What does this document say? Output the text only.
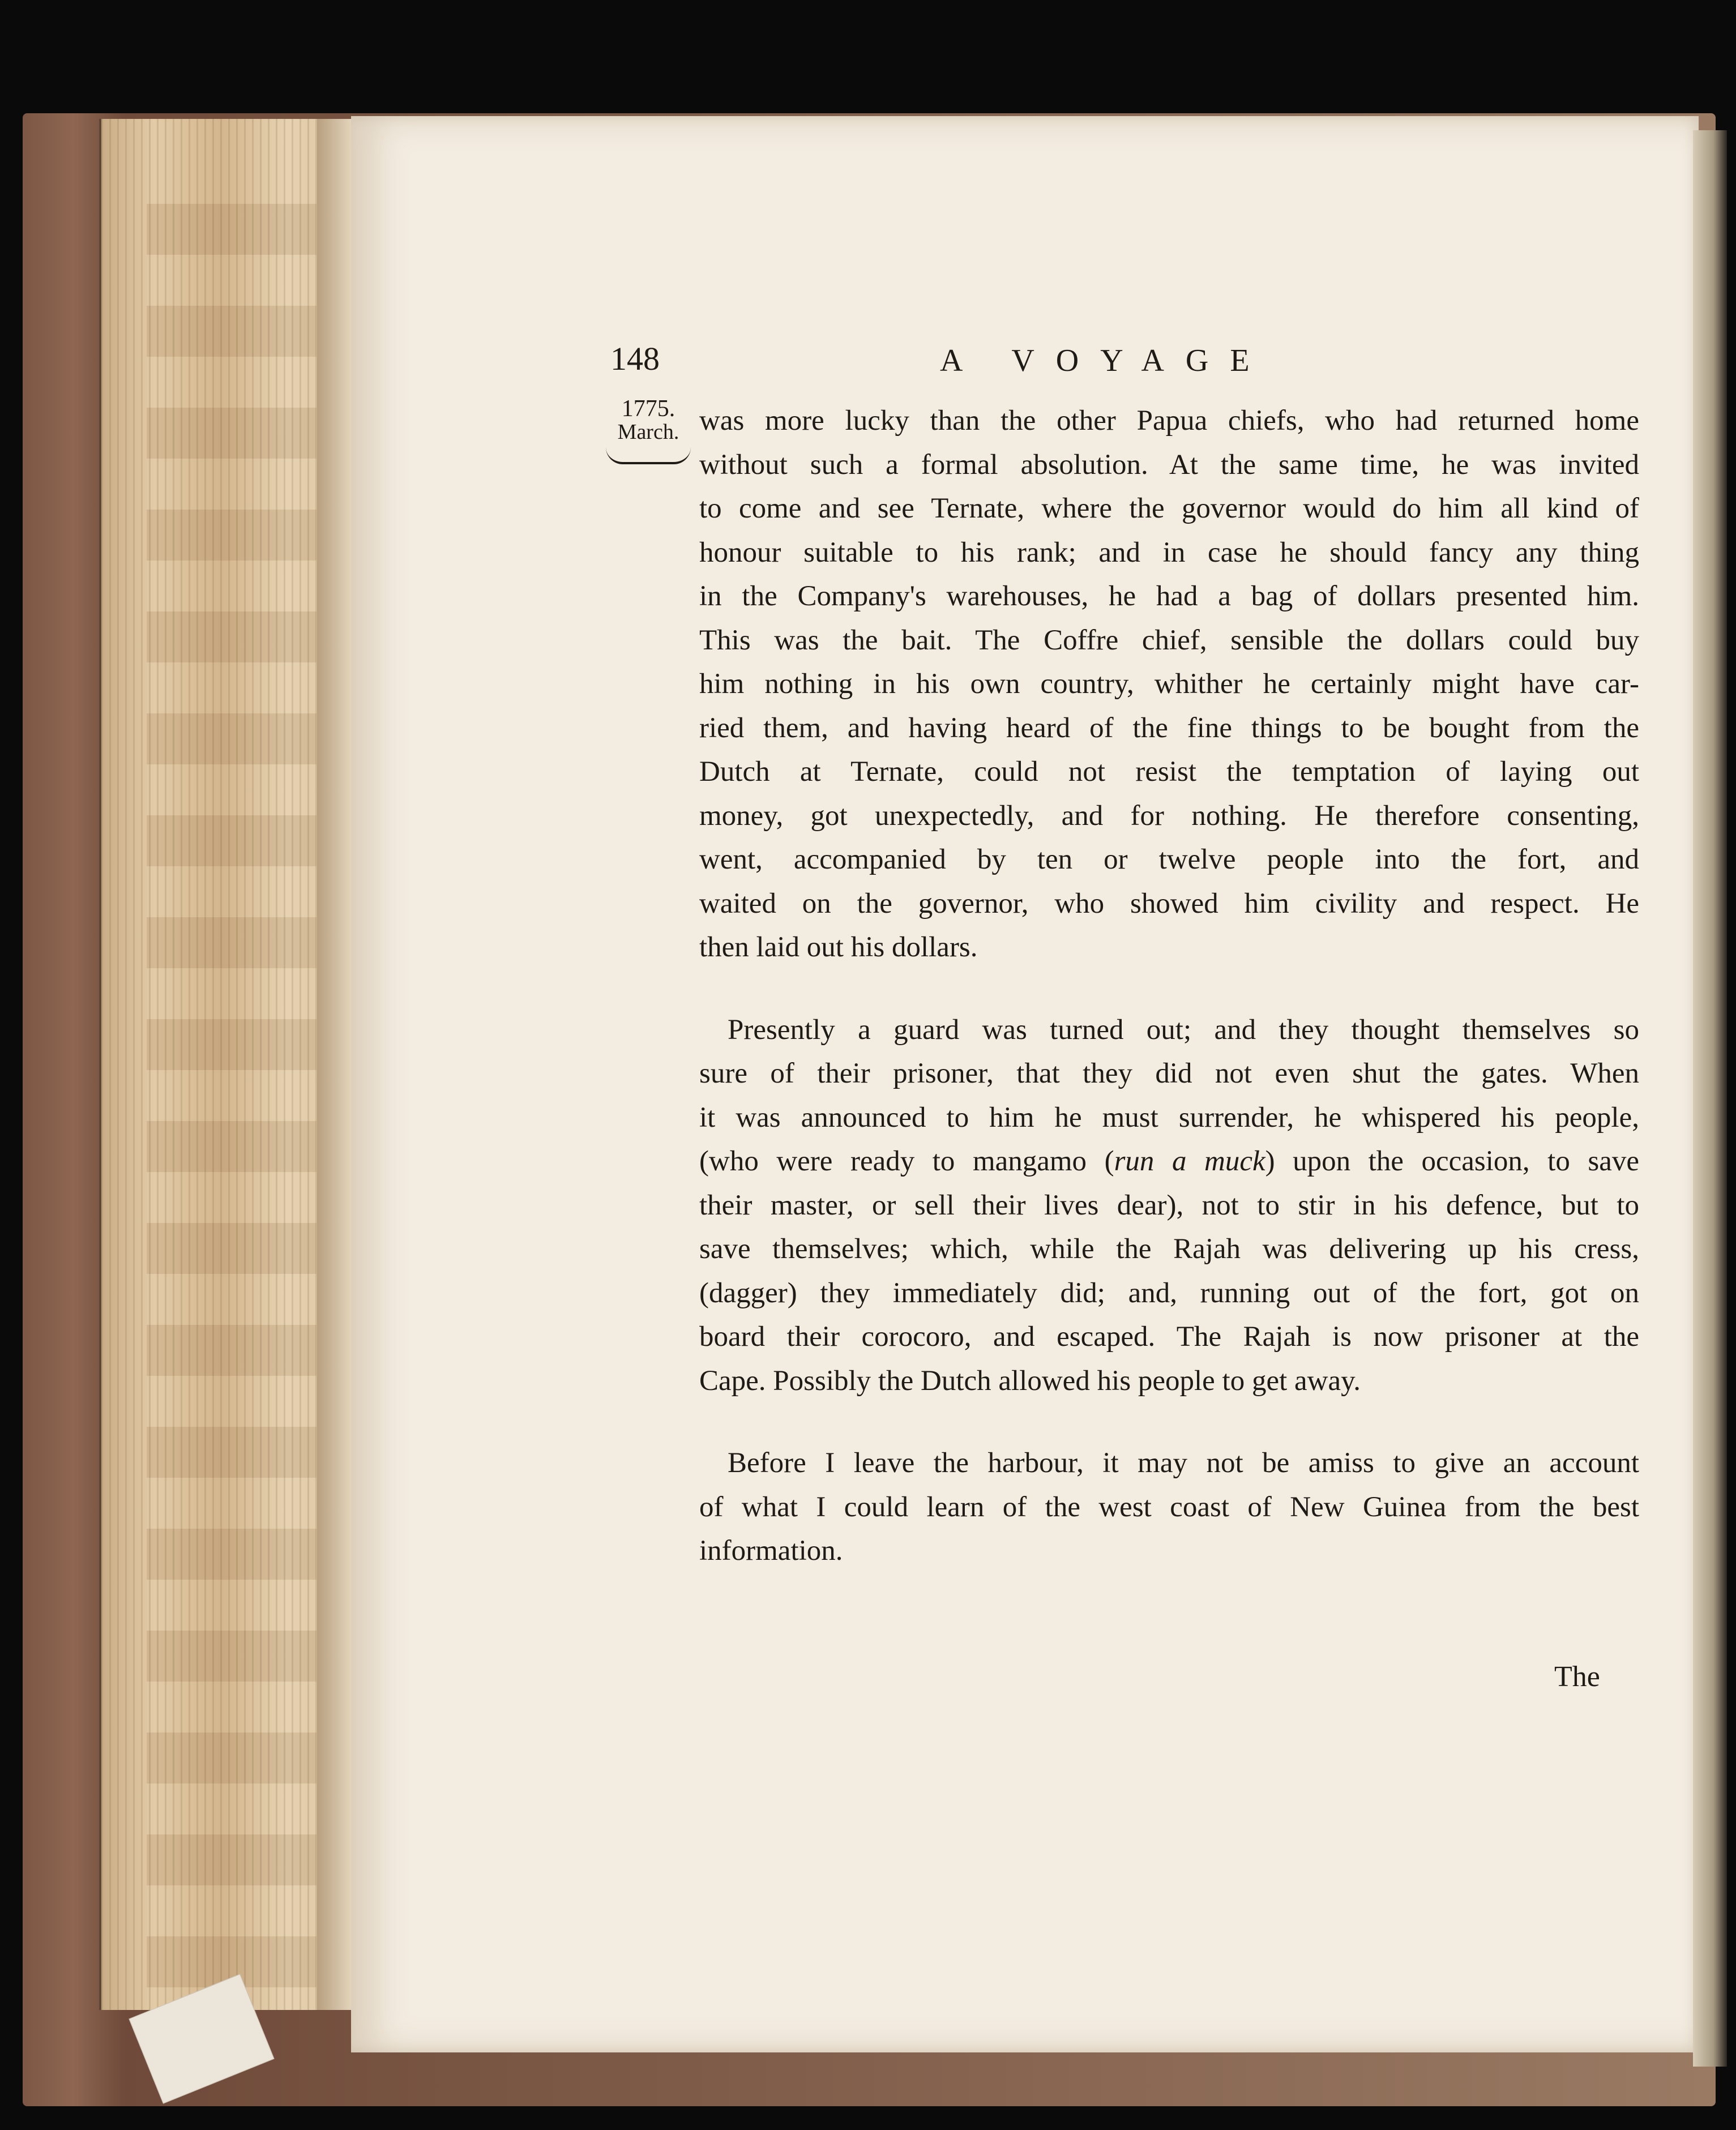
148	A VOYAGE
1775.
March. was more lucky than the other Papua chiefs, who had returned home
without such a formal absolution. At the same time, he was invited
to come and see Ternate, where the governor would do him all kind of
honour suitable to his rank; and in case he should fancy any thing
in the Company's warehouses, he had a bag of dollars presented him.
This was the bait. The Coffre chief, sensible the dollars could buy
him nothing in his own country, whither he certainly might have car-
ried them, and having heard of the fine things to be bought from the
Dutch at Ternate, could not resist the temptation of laying out
money, got unexpectedly, and for nothing. He therefore consenting,
went, accompanied by ten or twelve people into the fort, and
waited on the governor, who showed him civility and respect. He
then laid out his dollars.

Presently a guard was turned out; and they thought themselves so
sure of their prisoner, that they did not even shut the gates. When
it was announced to him he must surrender, he whispered his people,
(who were ready to mangamo (run a muck) upon the occasion, to save
their master, or sell their lives dear), not to stir in his defence, but to
save themselves; which, while the Rajah was delivering up his cress,
(dagger) they immediately did; and, running out of the fort, got on
board their corocoro, and escaped. The Rajah is now prisoner at the
Cape. Possibly the Dutch allowed his people to get away.

Before I leave the harbour, it may not be amiss to give an account
of what I could learn of the west coast of New Guinea from the best
information.

The
